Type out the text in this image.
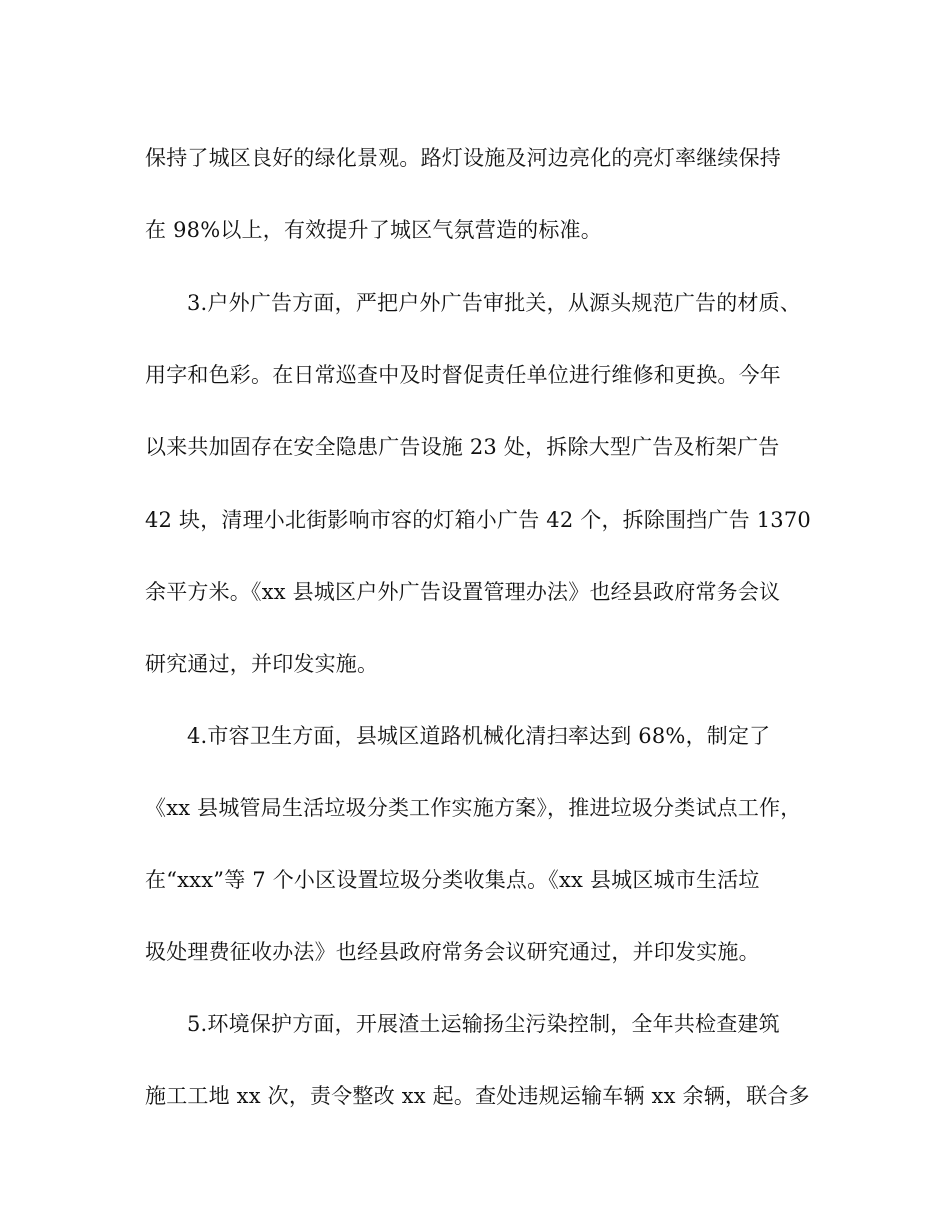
保持了城区良好的绿化景观。路灯设施及河边亮化的亮灯率继续保持
在 98%以上，有效提升了城区气氛营造的标准。
3.户外广告方面，严把户外广告审批关，从源头规范广告的材质、
用字和色彩。在日常巡查中及时督促责任单位进行维修和更换。今年
以来共加固存在安全隐患广告设施 23 处，拆除大型广告及桁架广告
42 块，清理小北街影响市容的灯箱小广告 42 个，拆除围挡广告 1370
余平方米。《xx 县城区户外广告设置管理办法》也经县政府常务会议
研究通过，并印发实施。
4.市容卫生方面，县城区道路机械化清扫率达到 68%，制定了
《xx 县城管局生活垃圾分类工作实施方案》，推进垃圾分类试点工作，
在“xxx”等 7 个小区设置垃圾分类收集点。《xx 县城区城市生活垃
圾处理费征收办法》也经县政府常务会议研究通过，并印发实施。
5.环境保护方面，开展渣土运输扬尘污染控制，全年共检查建筑
施工工地 xx 次，责令整改 xx 起。查处违规运输车辆 xx 余辆，联合多
